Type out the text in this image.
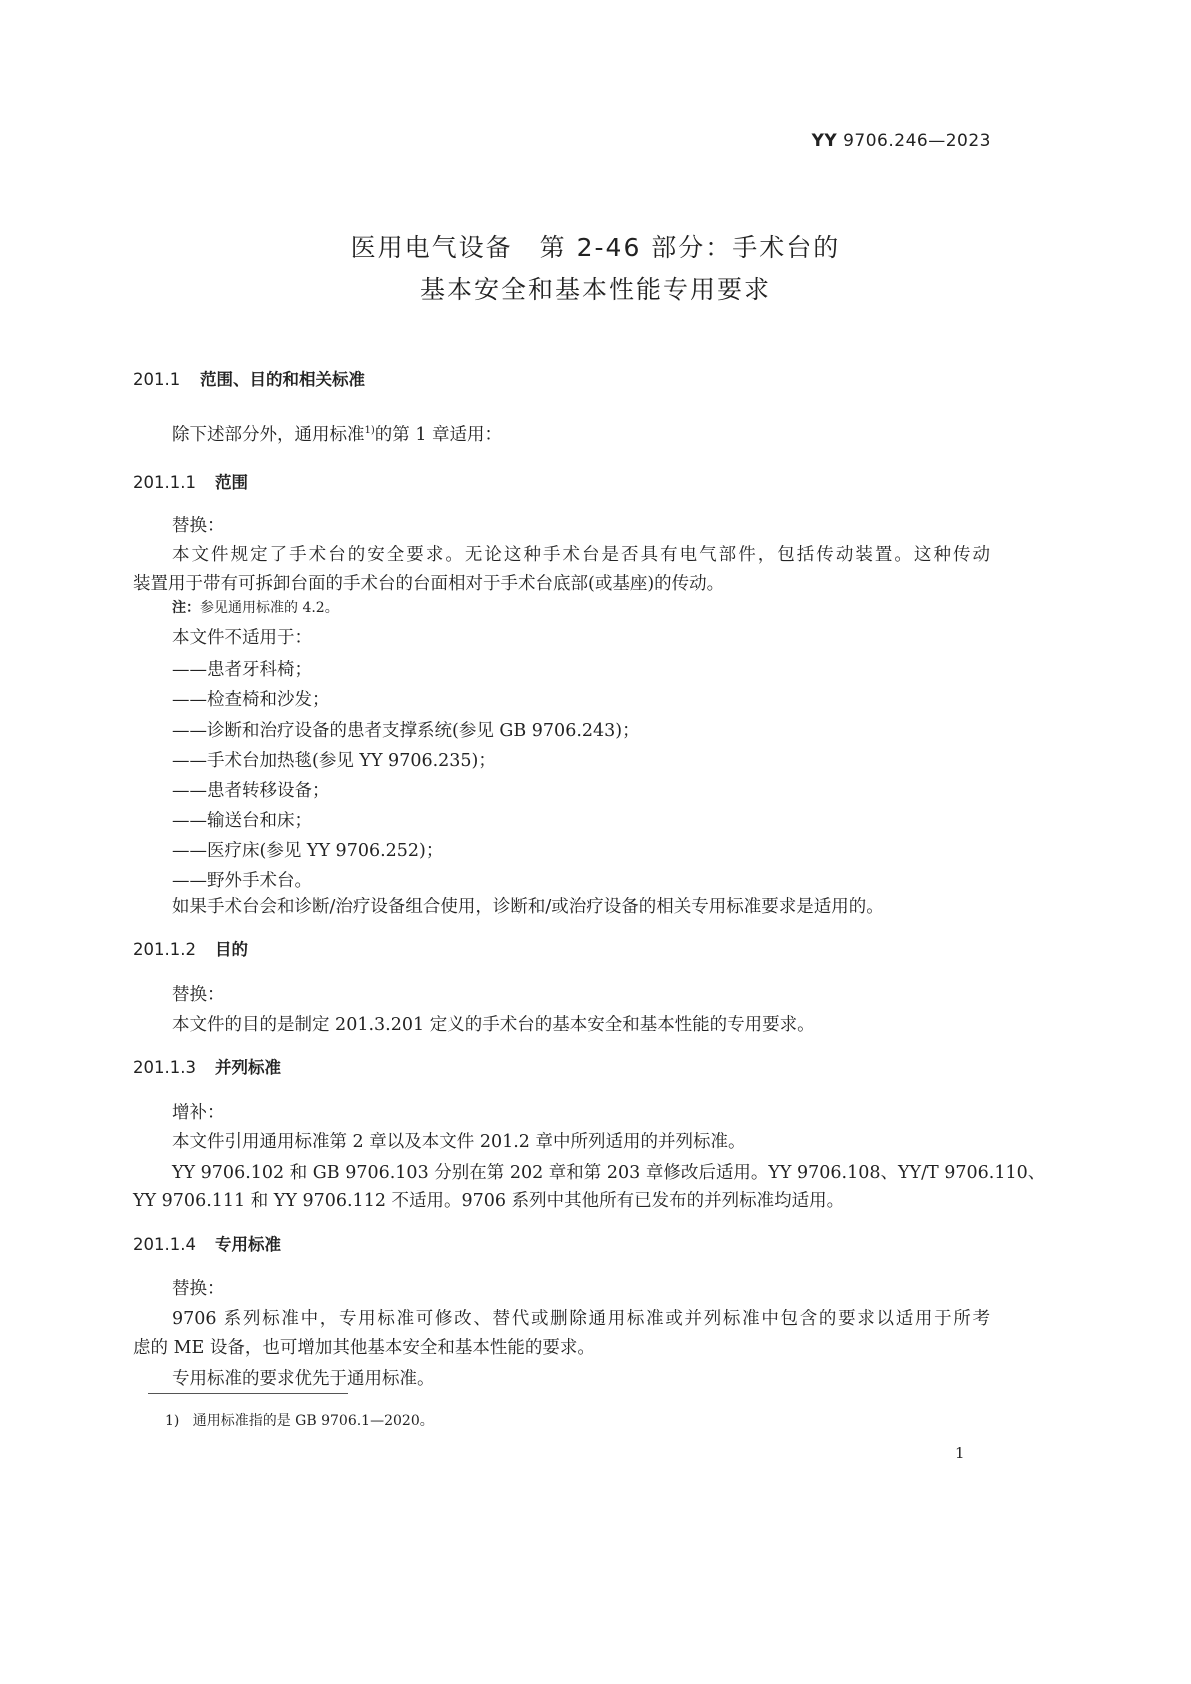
YY 9706.246—2023
医用电气设备　第 2-46 部分：手术台的
基本安全和基本性能专用要求
201.1 范围、目的和相关标准
除下述部分外，通用标准$^{1)}$的第 1 章适用：
201.1.1 范围
替换：
本文件规定了手术台的安全要求。无论这种手术台是否具有电气部件，包括传动装置。这种传动
装置用于带有可拆卸台面的手术台的台面相对于手术台底部(或基座)的传动。
注：参见通用标准的 4.2。
本文件不适用于：
——患者牙科椅；
——检查椅和沙发；
——诊断和治疗设备的患者支撑系统(参见 GB 9706.243)；
——手术台加热毯(参见 YY 9706.235)；
——患者转移设备；
——输送台和床；
——医疗床(参见 YY 9706.252)；
——野外手术台。
如果手术台会和诊断/治疗设备组合使用，诊断和/或治疗设备的相关专用标准要求是适用的。
201.1.2 目的
替换：
本文件的目的是制定 201.3.201 定义的手术台的基本安全和基本性能的专用要求。
201.1.3 并列标准
增补：
本文件引用通用标准第 2 章以及本文件 201.2 章中所列适用的并列标准。
YY 9706.102 和 GB 9706.103 分别在第 202 章和第 203 章修改后适用。YY 9706.108、YY/T 9706.110、
YY 9706.111 和 YY 9706.112 不适用。9706 系列中其他所有已发布的并列标准均适用。
201.1.4 专用标准
替换：
9706 系列标准中，专用标准可修改、替代或删除通用标准或并列标准中包含的要求以适用于所考
虑的 ME 设备，也可增加其他基本安全和基本性能的要求。
专用标准的要求优先于通用标准。
1) 通用标准指的是 GB 9706.1—2020。
1
